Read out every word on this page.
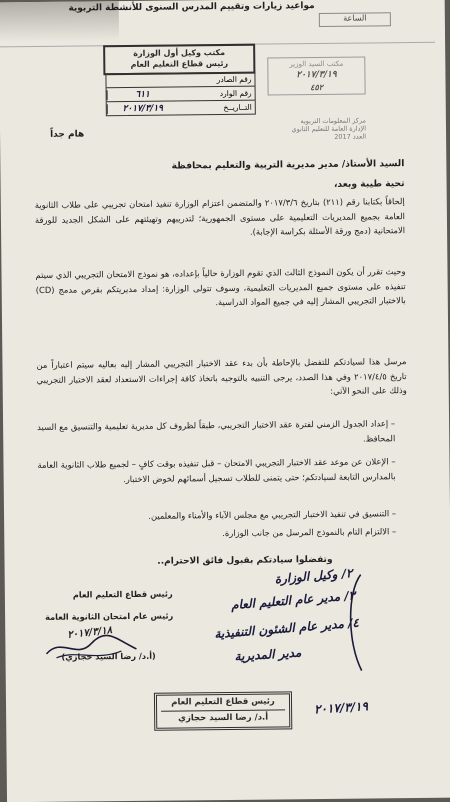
مواعيد زيارات وتقييم المدرس السنوى للأنشطة التربوية
الساعة
مكتب وكيل أول الوزارة
رئيس قطاع التعليم العام
رقم الصادر
٦١١	رقم الوارد
٢٠١٧/٣/١٩	التــاريــخ
مكتب السيد الوزير
٢٠١٧/٣/١٩
٤٥٢
مركز المعلومات التربوية
الإدارة العامة للتعليم الثانوي
العدد 2017
هام جداً
السيد الأستاذ/ مدير مديرية التربية والتعليم بمحافظة
تحية طيبة وبعد،
إلحاقاً بكتابنا رقم (٢١١) بتاريخ ٢٠١٧/٣/٦ والمتضمن اعتزام الوزارة تنفيذ امتحان تجريبي على طلاب الثانوية العامة بجميع المديريات التعليمية على مستوى الجمهورية؛ لتدريبهم وتهيئتهم على الشكل الجديد للورقة الامتحانية (دمج ورقة الأسئلة بكراسة الإجابة).
وحيث تقرر أن يكون النموذج الثالث الذي تقوم الوزارة حالياً بإعداده، هو نموذج الامتحان التجريبي الذي سيتم تنفيذه على مستوى جميع المديريات التعليمية، وسوف تتولى الوزارة: إمداد مديريتكم بقرص مدمج (CD) بالاختبار التجريبي المشار إليه في جميع المواد الدراسية.
مرسل هذا لسيادتكم للتفضل بالإحاطة بأن بدء عقد الاختبار التجريبي المشار إليه بعاليه سيتم اعتباراً من تاريخ ٢٠١٧/٤/٥ وفي هذا الصدد، يرجى التنبيه بالتوجيه باتخاذ كافة إجراءات الاستعداد لعقد الاختبار التجريبي وذلك على النحو الآتي:
– إعداد الجدول الزمني لفترة عقد الاختبار التجريبي، طبقاً لظروف كل مديرية تعليمية والتنسيق مع السيد المحافظ.
– الإعلان عن موعد عقد الاختبار التجريبي الامتحان – قبل تنفيذه بوقت كافٍ – لجميع طلاب الثانوية العامة بالمدارس التابعة لسيادتكم؛ حتى يتمنى للطلاب تسجيل أسمائهم لخوض الاختبار.
– التنسيق في تنفيذ الاختبار التجريبي مع مجلس الآباء والأمناء والمعلمين.
– الالتزام التام بالنموذج المرسل من جانب الوزارة.
وتفضلوا سيادتكم بقبول فائق الاحترام..
رئيس قطاع التعليم العام
رئيس عام امتحان الثانوية العامة
٢٠١٧/٣/١٨
(أ.د/ رضا السيد حجازي)
٢/ وكيل الوزارة
٣/ مدير عام التعليم العام
٤/ مدير عام الشئون التنفيذية
مدير المديرية
رئيس قطاع التعليم العام
أ.د/ رضا السيد حجازي
٢٠١٧/٣/١٩
